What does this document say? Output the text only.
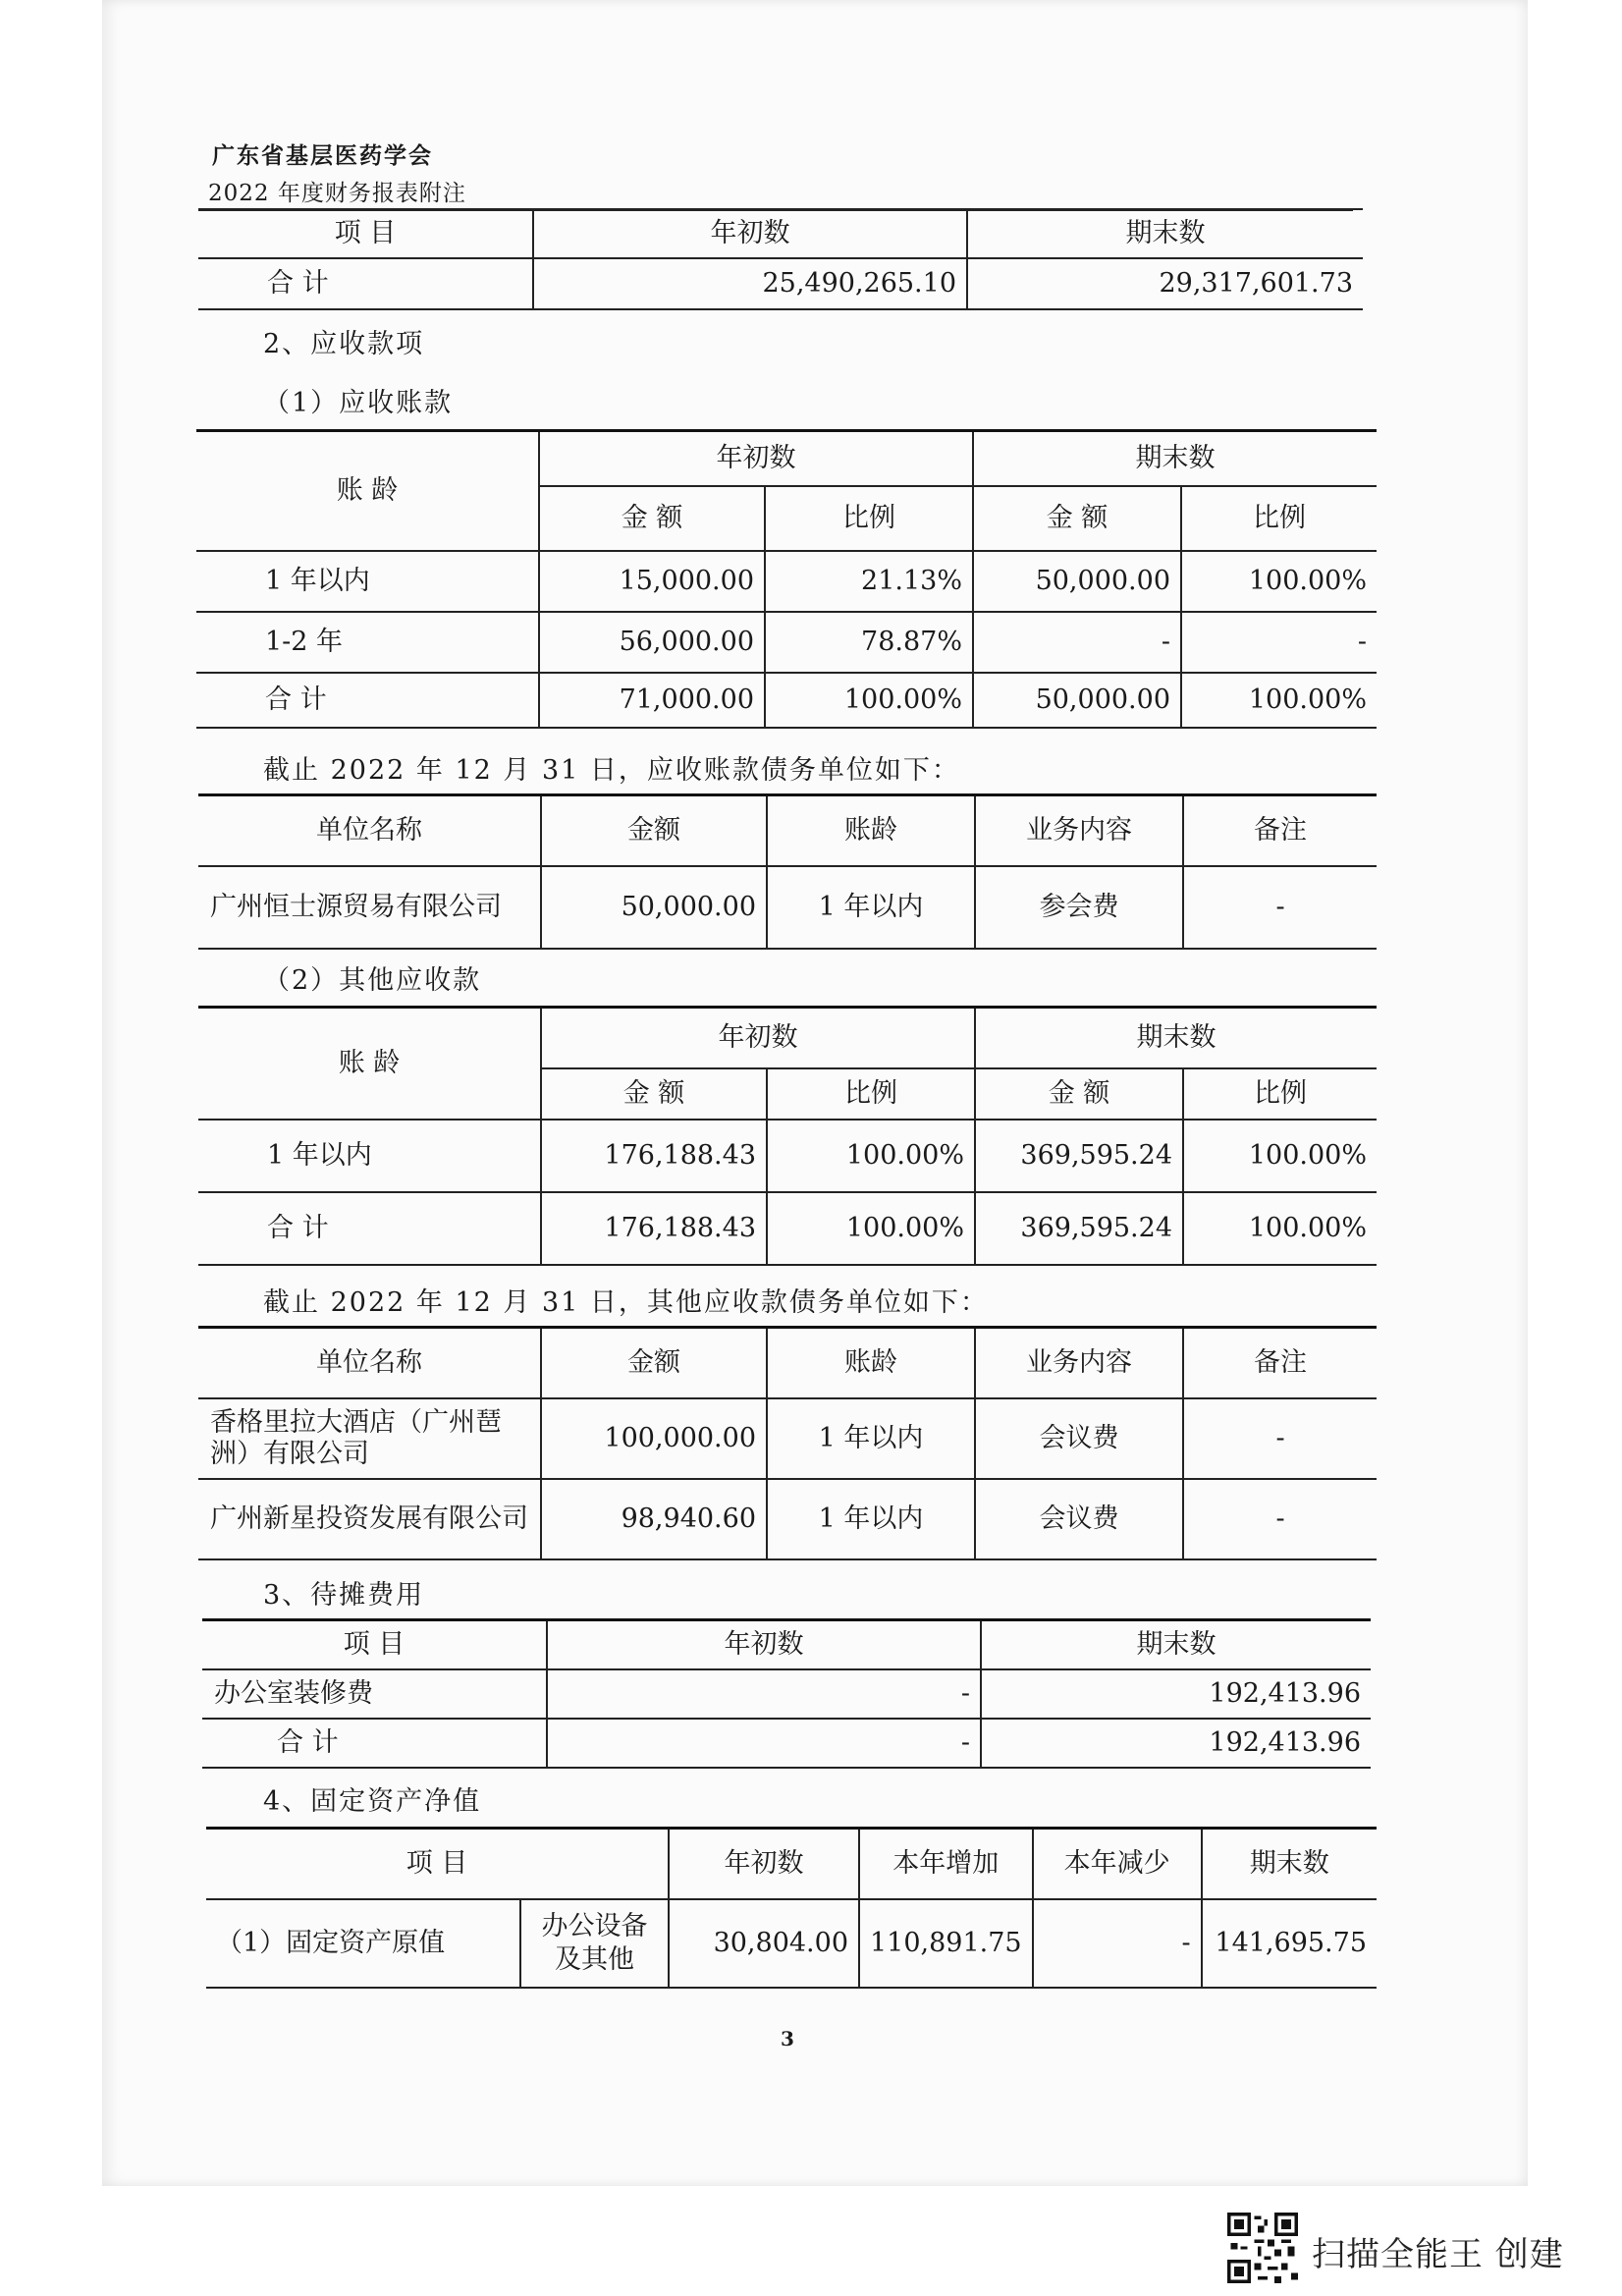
广东省基层医药学会
2022 年度财务报表附注
项 目	年初数	期末数
合 计	25,490,265.10	29,317,601.73
2、应收款项
（1）应收账款
账 龄	年初数		期末数	
	金 额	比例	金 额	比例
1 年以内	15,000.00	21.13%	50,000.00	100.00%
1-2 年	56,000.00	78.87%	-	-
合 计	71,000.00	100.00%	50,000.00	100.00%
截止 2022 年 12 月 31 日，应收账款债务单位如下：
单位名称	金额	账龄	业务内容	备注
广州恒士源贸易有限公司	50,000.00	1 年以内	参会费	-
（2）其他应收款
账 龄	年初数		期末数	
	金 额	比例	金 额	比例
1 年以内	176,188.43	100.00%	369,595.24	100.00%
合 计	176,188.43	100.00%	369,595.24	100.00%
截止 2022 年 12 月 31 日，其他应收款债务单位如下：
单位名称	金额	账龄	业务内容	备注
香格里拉大酒店（广州琶洲）有限公司	100,000.00	1 年以内	会议费	-
广州新星投资发展有限公司	98,940.60	1 年以内	会议费	-
3、待摊费用
项 目	年初数	期末数
办公室装修费	-	192,413.96
合 计	-	192,413.96
4、固定资产净值
项 目		年初数	本年增加	本年减少	期末数
（1）固定资产原值	办公设备及其他	30,804.00	110,891.75	-	141,695.75
3
扫描全能王 创建
